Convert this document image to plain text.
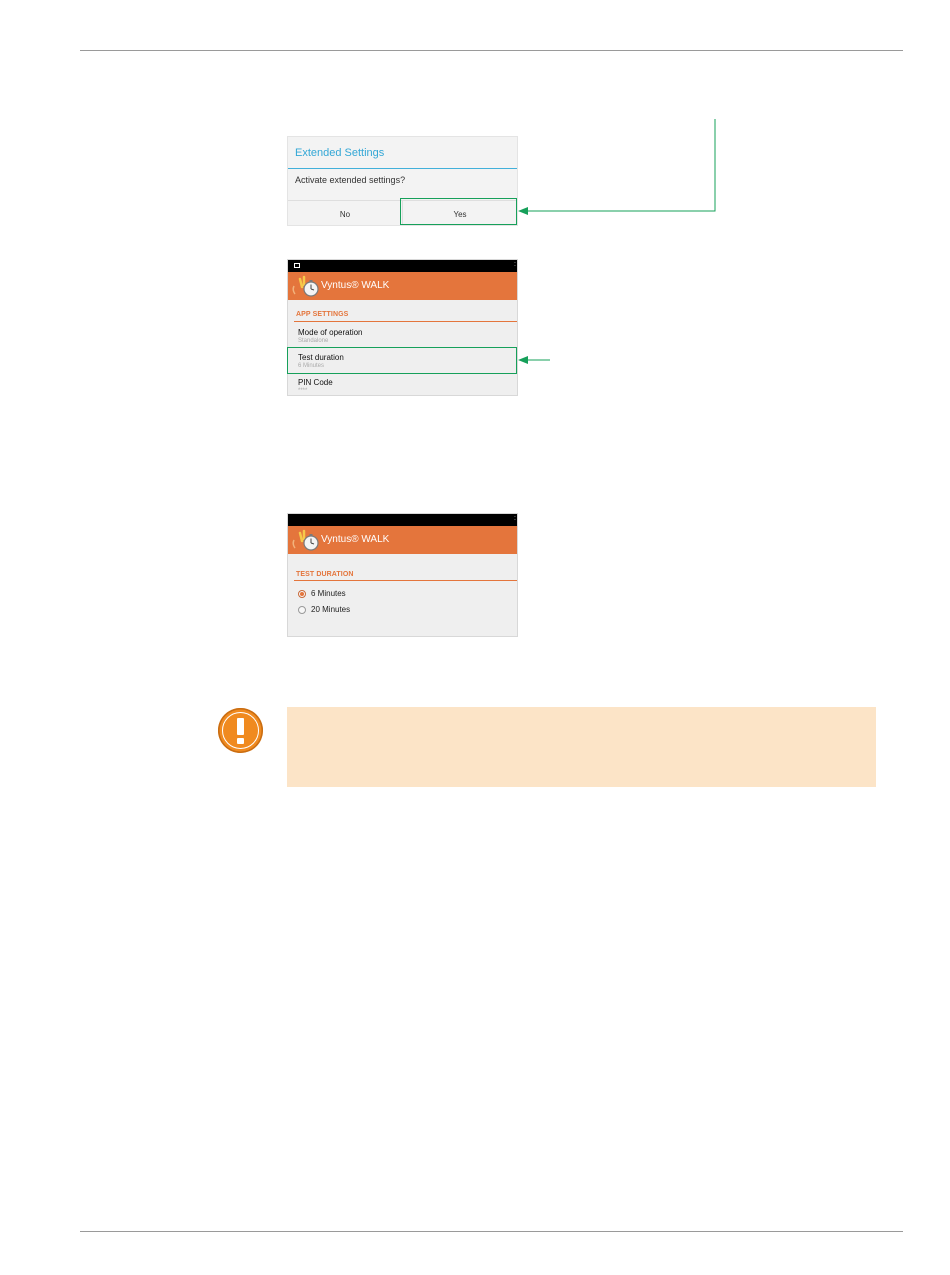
Extended Settings
Activate extended settings?
No	Yes
:
Vyntus® WALK
APP SETTINGS
Mode of operation
Standalone
Test duration
6 Minutes
PIN Code
****
:
Vyntus® WALK
TEST DURATION
6 Minutes
20 Minutes
